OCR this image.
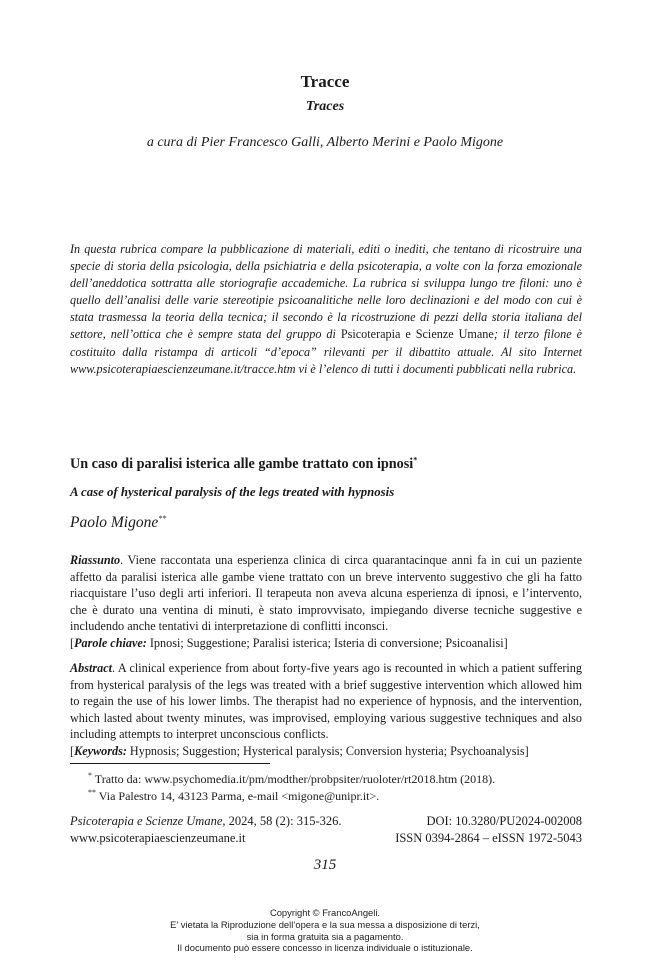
Tracce
Traces
a cura di Pier Francesco Galli, Alberto Merini e Paolo Migone
In questa rubrica compare la pubblicazione di materiali, editi o inediti, che tentano di ricostruire una specie di storia della psicologia, della psichiatria e della psicoterapia, a volte con la forza emozionale dell’aneddotica sottratta alle storiografie accademiche. La rubrica si sviluppa lungo tre filoni: uno è quello dell’analisi delle varie stereotipie psicoanalitiche nelle loro declinazioni e del modo con cui è stata trasmessa la teoria della tecnica; il secondo è la ricostruzione di pezzi della storia italiana del settore, nell’ottica che è sempre stata del gruppo di Psicoterapia e Scienze Umane; il terzo filone è costituito dalla ristampa di articoli “d’epoca” rilevanti per il dibattito attuale. Al sito Internet www.psicoterapiaescienzeumane.it/tracce.htm vi è l’elenco di tutti i documenti pubblicati nella rubrica.
Un caso di paralisi isterica alle gambe trattato con ipnosi*
A case of hysterical paralysis of the legs treated with hypnosis
Paolo Migone**
Riassunto. Viene raccontata una esperienza clinica di circa quarantacinque anni fa in cui un paziente affetto da paralisi isterica alle gambe viene trattato con un breve intervento suggestivo che gli ha fatto riacquistare l’uso degli arti inferiori. Il terapeuta non aveva alcuna esperienza di ipnosi, e l’intervento, che è durato una ventina di minuti, è stato improvvisato, impiegando diverse tecniche suggestive e includendo anche tentativi di interpretazione di conflitti inconsci.
[Parole chiave: Ipnosi; Suggestione; Paralisi isterica; Isteria di conversione; Psicoanalisi]
Abstract. A clinical experience from about forty-five years ago is recounted in which a patient suffering from hysterical paralysis of the legs was treated with a brief suggestive intervention which allowed him to regain the use of his lower limbs. The therapist had no experience of hypnosis, and the intervention, which lasted about twenty minutes, was improvised, employing various suggestive techniques and also including attempts to interpret unconscious conflicts.
[Keywords: Hypnosis; Suggestion; Hysterical paralysis; Conversion hysteria; Psychoanalysis]
* Tratto da: www.psychomedia.it/pm/modther/probpsiter/ruoloter/rt2018.htm (2018).
** Via Palestro 14, 43123 Parma, e-mail <migone@unipr.it>.
Psicoterapia e Scienze Umane, 2024, 58 (2): 315-326.	DOI: 10.3280/PU2024-002008
www.psicoterapiaescienzeumane.it	ISSN 0394-2864 – eISSN 1972-5043
315
Copyright © FrancoAngeli.
E’ vietata la Riproduzione dell’opera e la sua messa a disposizione di terzi,
sia in forma gratuita sia a pagamento.
Il documento può essere concesso in licenza individuale o istituzionale.
